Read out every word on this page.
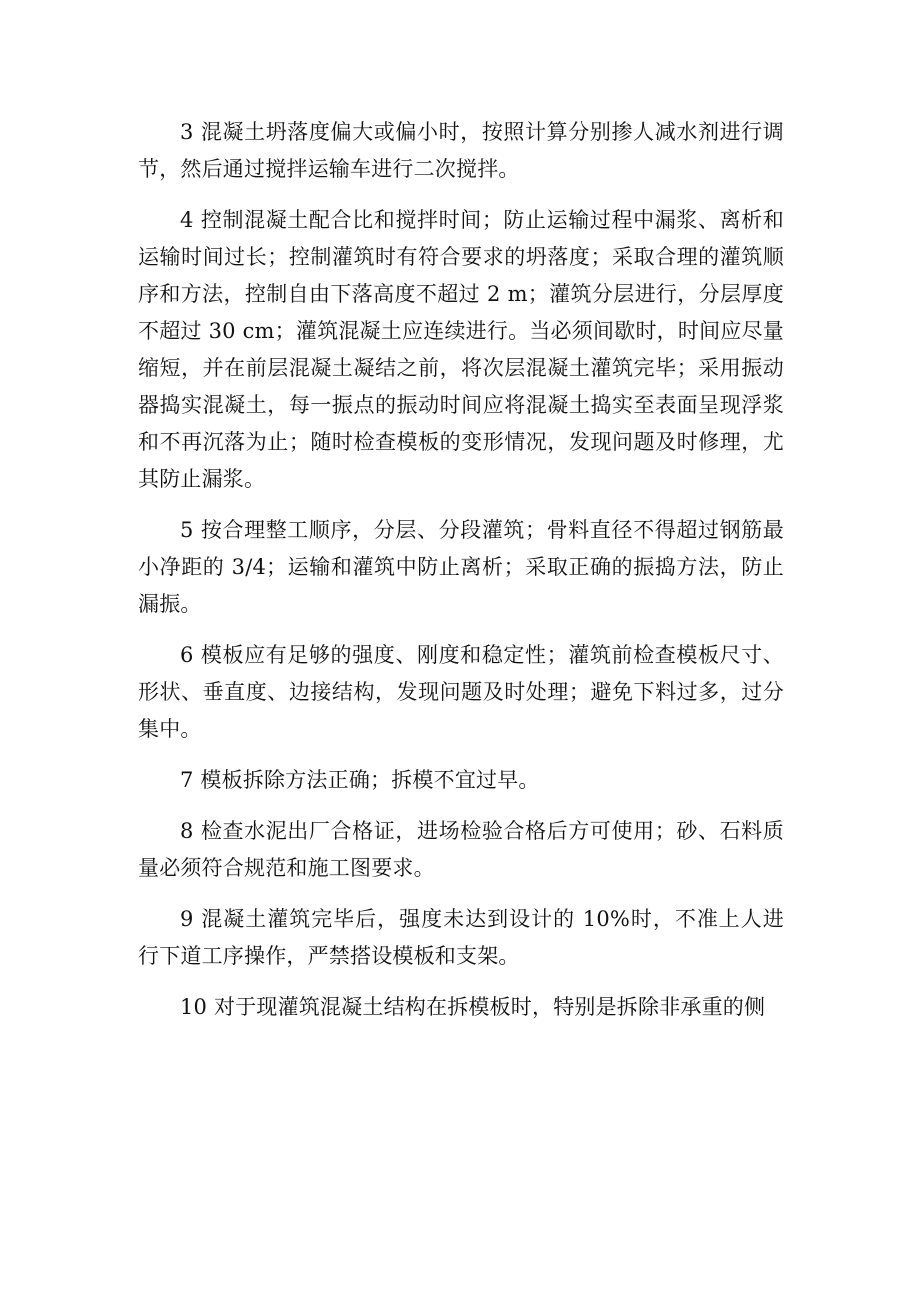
3 混凝土坍落度偏大或偏小时，按照计算分别掺人减水剂进行调节，然后通过搅拌运输车进行二次搅拌。

4 控制混凝土配合比和搅拌时间；防止运输过程中漏浆、离析和运输时间过长；控制灌筑时有符合要求的坍落度；采取合理的灌筑顺序和方法，控制自由下落高度不超过 2 m；灌筑分层进行，分层厚度不超过 30 cm；灌筑混凝土应连续进行。当必须间歇时，时间应尽量缩短，并在前层混凝土凝结之前，将次层混凝土灌筑完毕；采用振动器捣实混凝土，每一振点的振动时间应将混凝土捣实至表面呈现浮浆和不再沉落为止；随时检查模板的变形情况，发现问题及时修理，尤其防止漏浆。

5 按合理整工顺序，分层、分段灌筑；骨料直径不得超过钢筋最小净距的 3/4；运输和灌筑中防止离析；采取正确的振捣方法，防止漏振。

6 模板应有足够的强度、刚度和稳定性；灌筑前检查模板尺寸、形状、垂直度、边接结构，发现问题及时处理；避免下料过多，过分集中。

7 模板拆除方法正确；拆模不宜过早。

8 检查水泥出厂合格证，进场检验合格后方可使用；砂、石料质量必须符合规范和施工图要求。

9 混凝土灌筑完毕后，强度未达到设计的 10%时，不准上人进行下道工序操作，严禁搭设模板和支架。

10 对于现灌筑混凝土结构在拆模板时，特别是拆除非承重的侧
